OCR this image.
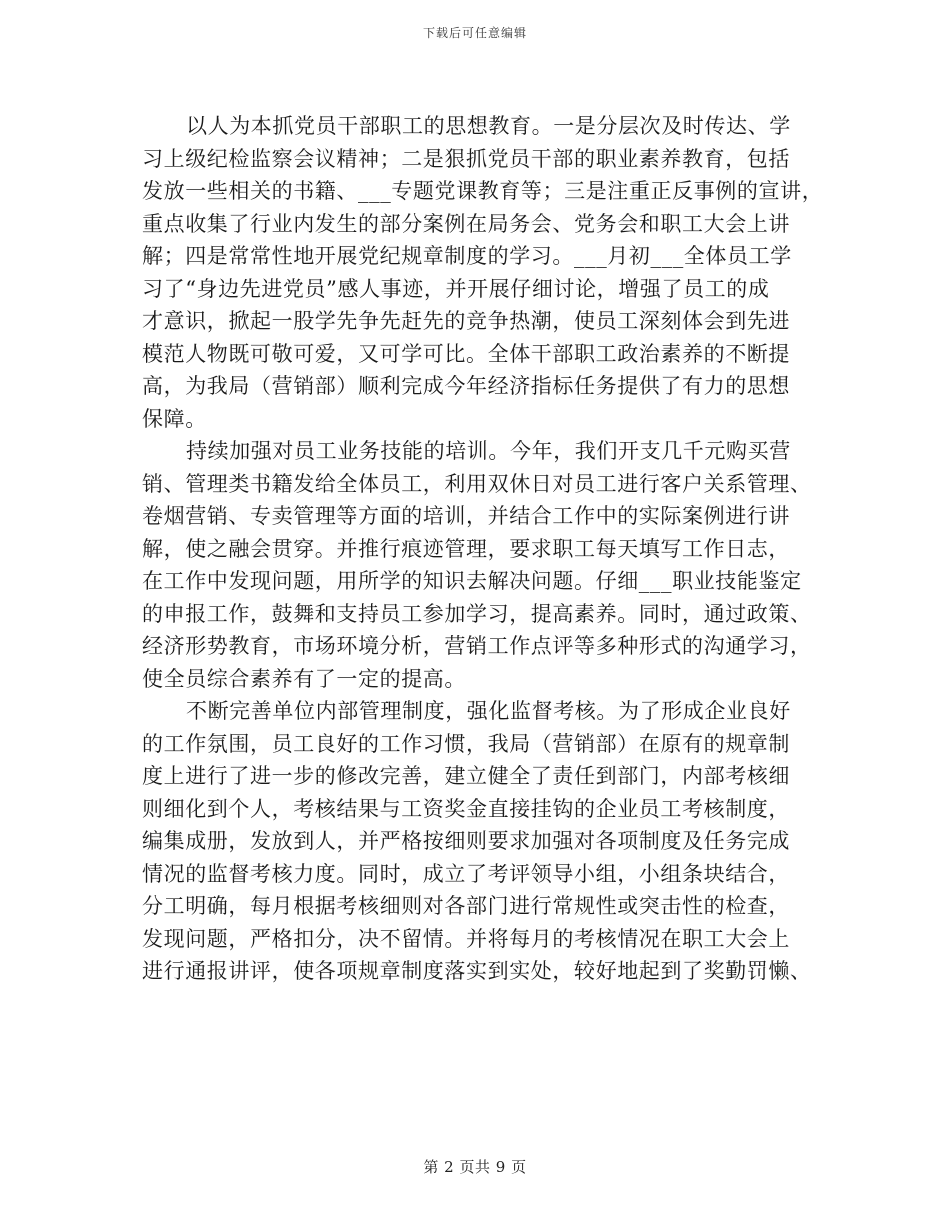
下载后可任意编辑
以人为本抓党员干部职工的思想教育。一是分层次及时传达、学
习上级纪检监察会议精神；二是狠抓党员干部的职业素养教育，包括
发放一些相关的书籍、___专题党课教育等；三是注重正反事例的宣讲，
重点收集了行业内发生的部分案例在局务会、党务会和职工大会上讲
解；四是常常性地开展党纪规章制度的学习。___月初___全体员工学
习了“身边先进党员”感人事迹，并开展仔细讨论，增强了员工的成
才意识，掀起一股学先争先赶先的竞争热潮，使员工深刻体会到先进
模范人物既可敬可爱，又可学可比。全体干部职工政治素养的不断提
高，为我局（营销部）顺利完成今年经济指标任务提供了有力的思想
保障。
持续加强对员工业务技能的培训。今年，我们开支几千元购买营
销、管理类书籍发给全体员工，利用双休日对员工进行客户关系管理、
卷烟营销、专卖管理等方面的培训，并结合工作中的实际案例进行讲
解，使之融会贯穿。并推行痕迹管理，要求职工每天填写工作日志，
在工作中发现问题，用所学的知识去解决问题。仔细___职业技能鉴定
的申报工作，鼓舞和支持员工参加学习，提高素养。同时，通过政策、
经济形势教育，市场环境分析，营销工作点评等多种形式的沟通学习，
使全员综合素养有了一定的提高。
不断完善单位内部管理制度，强化监督考核。为了形成企业良好
的工作氛围，员工良好的工作习惯，我局（营销部）在原有的规章制
度上进行了进一步的修改完善，建立健全了责任到部门，内部考核细
则细化到个人，考核结果与工资奖金直接挂钩的企业员工考核制度，
编集成册，发放到人，并严格按细则要求加强对各项制度及任务完成
情况的监督考核力度。同时，成立了考评领导小组，小组条块结合，
分工明确，每月根据考核细则对各部门进行常规性或突击性的检查，
发现问题，严格扣分，决不留情。并将每月的考核情况在职工大会上
进行通报讲评，使各项规章制度落实到实处，较好地起到了奖勤罚懒、
第 2 页共 9 页
